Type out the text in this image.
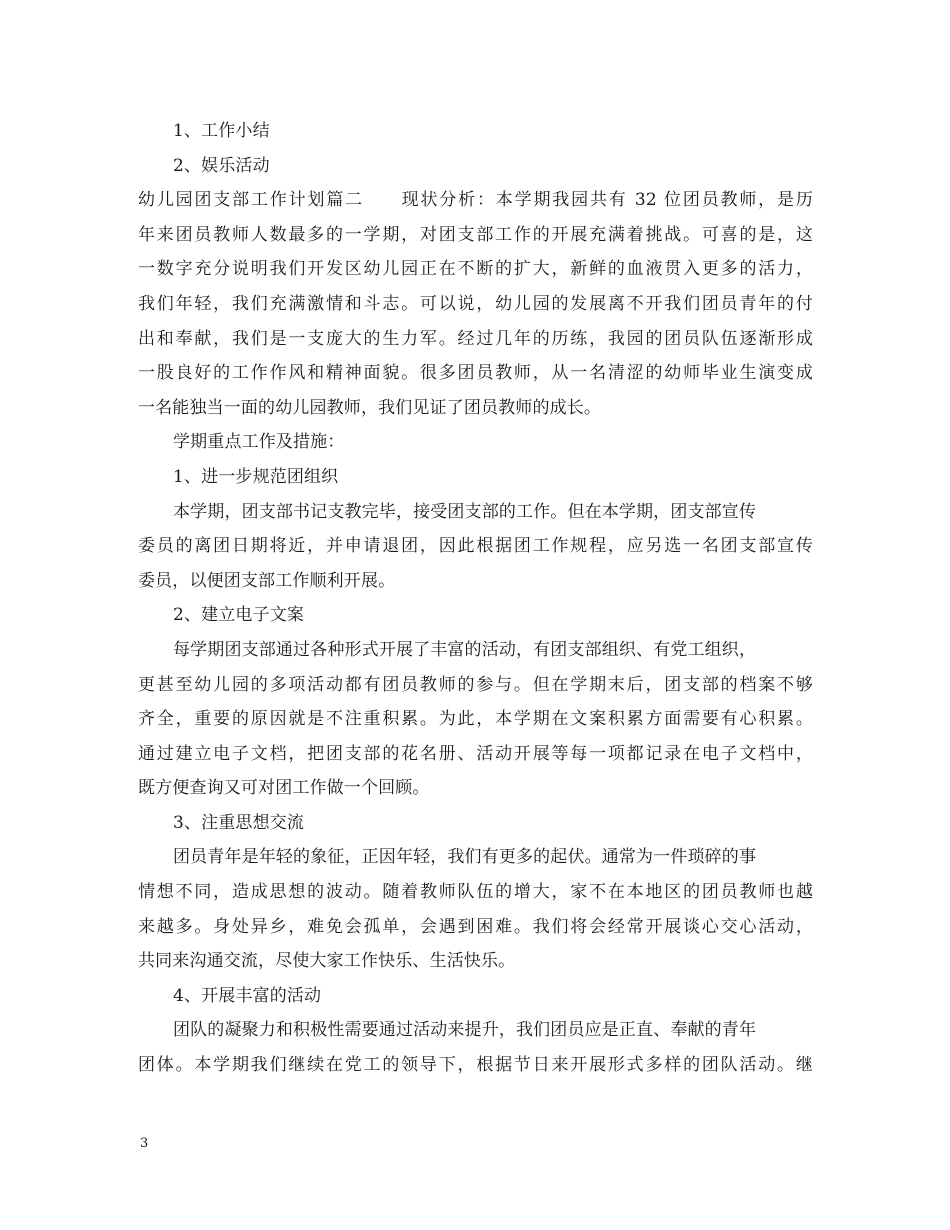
1、工作小结
2、娱乐活动
幼儿园团支部工作计划篇二　　现状分析：本学期我园共有 32 位团员教师，是历
年来团员教师人数最多的一学期，对团支部工作的开展充满着挑战。可喜的是，这
一数字充分说明我们开发区幼儿园正在不断的扩大，新鲜的血液贯入更多的活力，
我们年轻，我们充满激情和斗志。可以说，幼儿园的发展离不开我们团员青年的付
出和奉献，我们是一支庞大的生力军。经过几年的历练，我园的团员队伍逐渐形成
一股良好的工作作风和精神面貌。很多团员教师，从一名清涩的幼师毕业生演变成
一名能独当一面的幼儿园教师，我们见证了团员教师的成长。
学期重点工作及措施：
1、进一步规范团组织
本学期，团支部书记支教完毕，接受团支部的工作。但在本学期，团支部宣传
委员的离团日期将近，并申请退团，因此根据团工作规程，应另选一名团支部宣传
委员，以便团支部工作顺利开展。
2、建立电子文案
每学期团支部通过各种形式开展了丰富的活动，有团支部组织、有党工组织，
更甚至幼儿园的多项活动都有团员教师的参与。但在学期末后，团支部的档案不够
齐全，重要的原因就是不注重积累。为此，本学期在文案积累方面需要有心积累。
通过建立电子文档，把团支部的花名册、活动开展等每一项都记录在电子文档中，
既方便查询又可对团工作做一个回顾。
3、注重思想交流
团员青年是年轻的象征，正因年轻，我们有更多的起伏。通常为一件琐碎的事
情想不同，造成思想的波动。随着教师队伍的增大，家不在本地区的团员教师也越
来越多。身处异乡，难免会孤单，会遇到困难。我们将会经常开展谈心交心活动，
共同来沟通交流，尽使大家工作快乐、生活快乐。
4、开展丰富的活动
团队的凝聚力和积极性需要通过活动来提升，我们团员应是正直、奉献的青年
团体。本学期我们继续在党工的领导下，根据节日来开展形式多样的团队活动。继
3
